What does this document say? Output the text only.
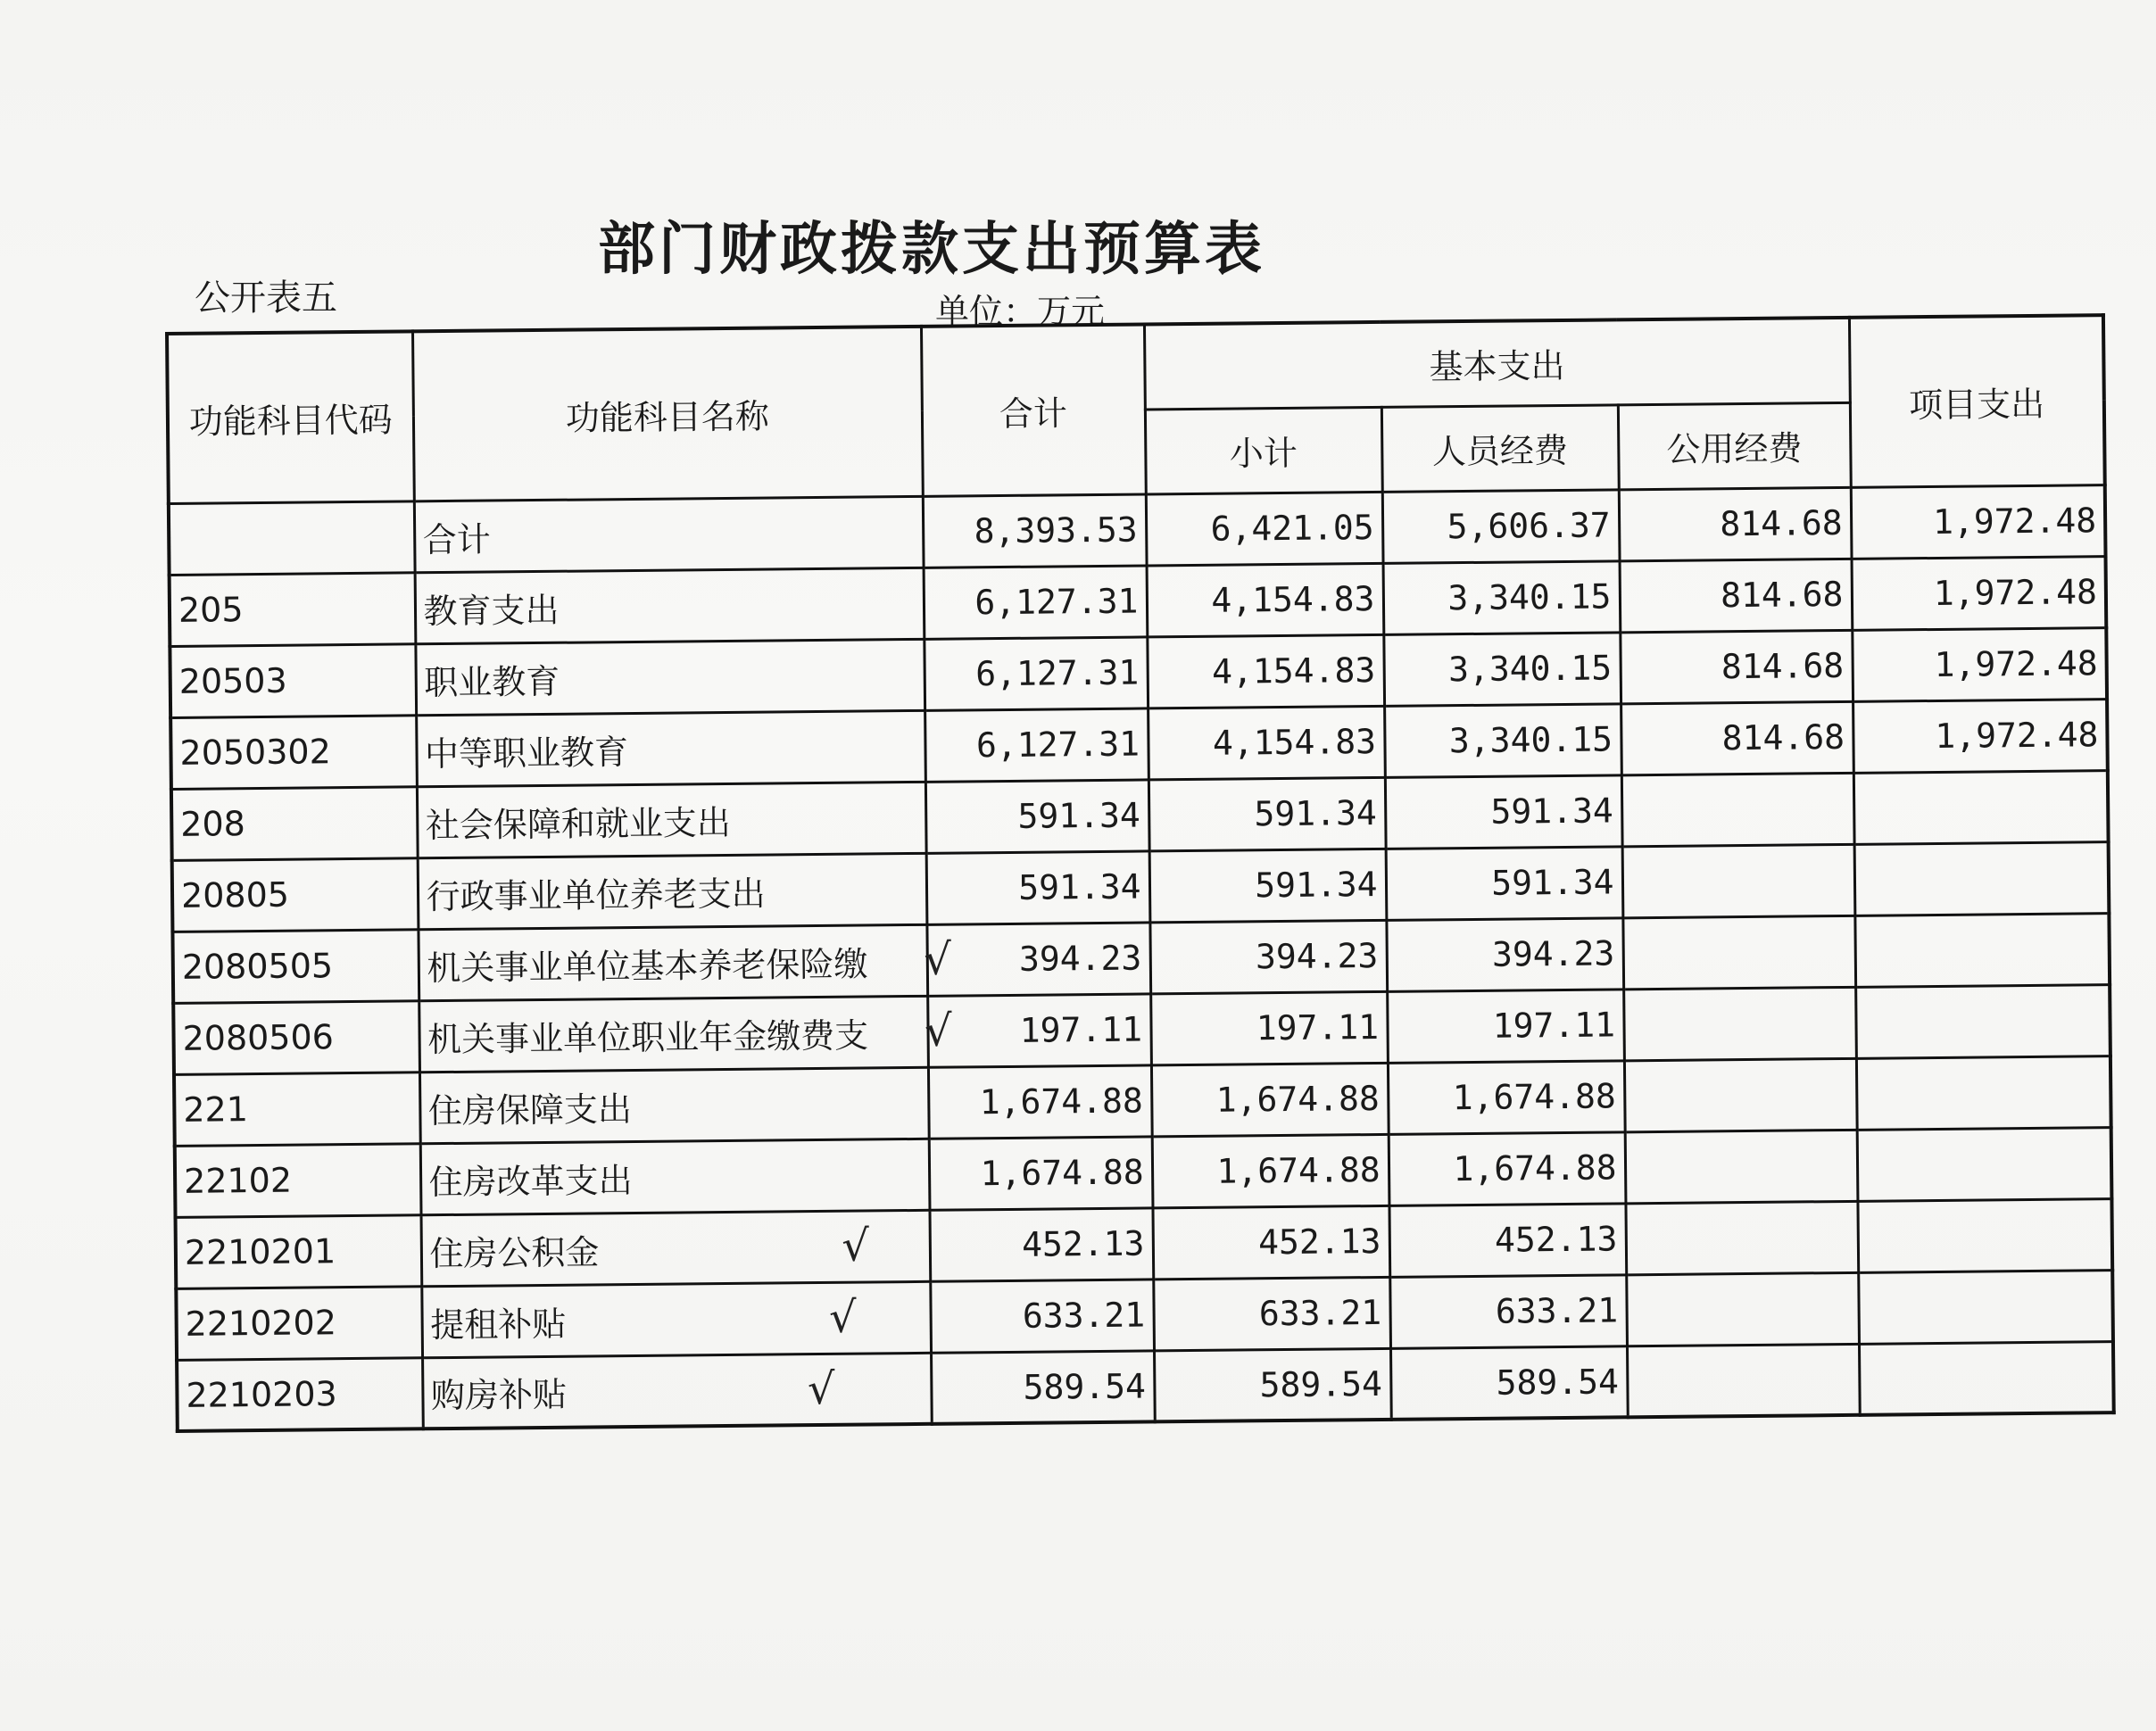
部门财政拨款支出预算表
公开表五	单位：万元
功能科目代码	功能科目名称	合计	基本支出			项目支出
			小计	人员经费	公用经费	
	合计	8,393.53	6,421.05	5,606.37	814.68	1,972.48
205	教育支出	6,127.31	4,154.83	3,340.15	814.68	1,972.48
20503	职业教育	6,127.31	4,154.83	3,340.15	814.68	1,972.48
2050302	中等职业教育	6,127.31	4,154.83	3,340.15	814.68	1,972.48
208	社会保障和就业支出	591.34	591.34	591.34		
20805	行政事业单位养老支出	591.34	591.34	591.34		
2080505	机关事业单位基本养老保险缴 √	394.23	394.23	394.23		
2080506	机关事业单位职业年金缴费支 √	197.11	197.11	197.11		
221	住房保障支出	1,674.88	1,674.88	1,674.88		
22102	住房改革支出	1,674.88	1,674.88	1,674.88		
2210201	住房公积金 √	452.13	452.13	452.13		
2210202	提租补贴 √	633.21	633.21	633.21		
2210203	购房补贴 √	589.54	589.54	589.54		
